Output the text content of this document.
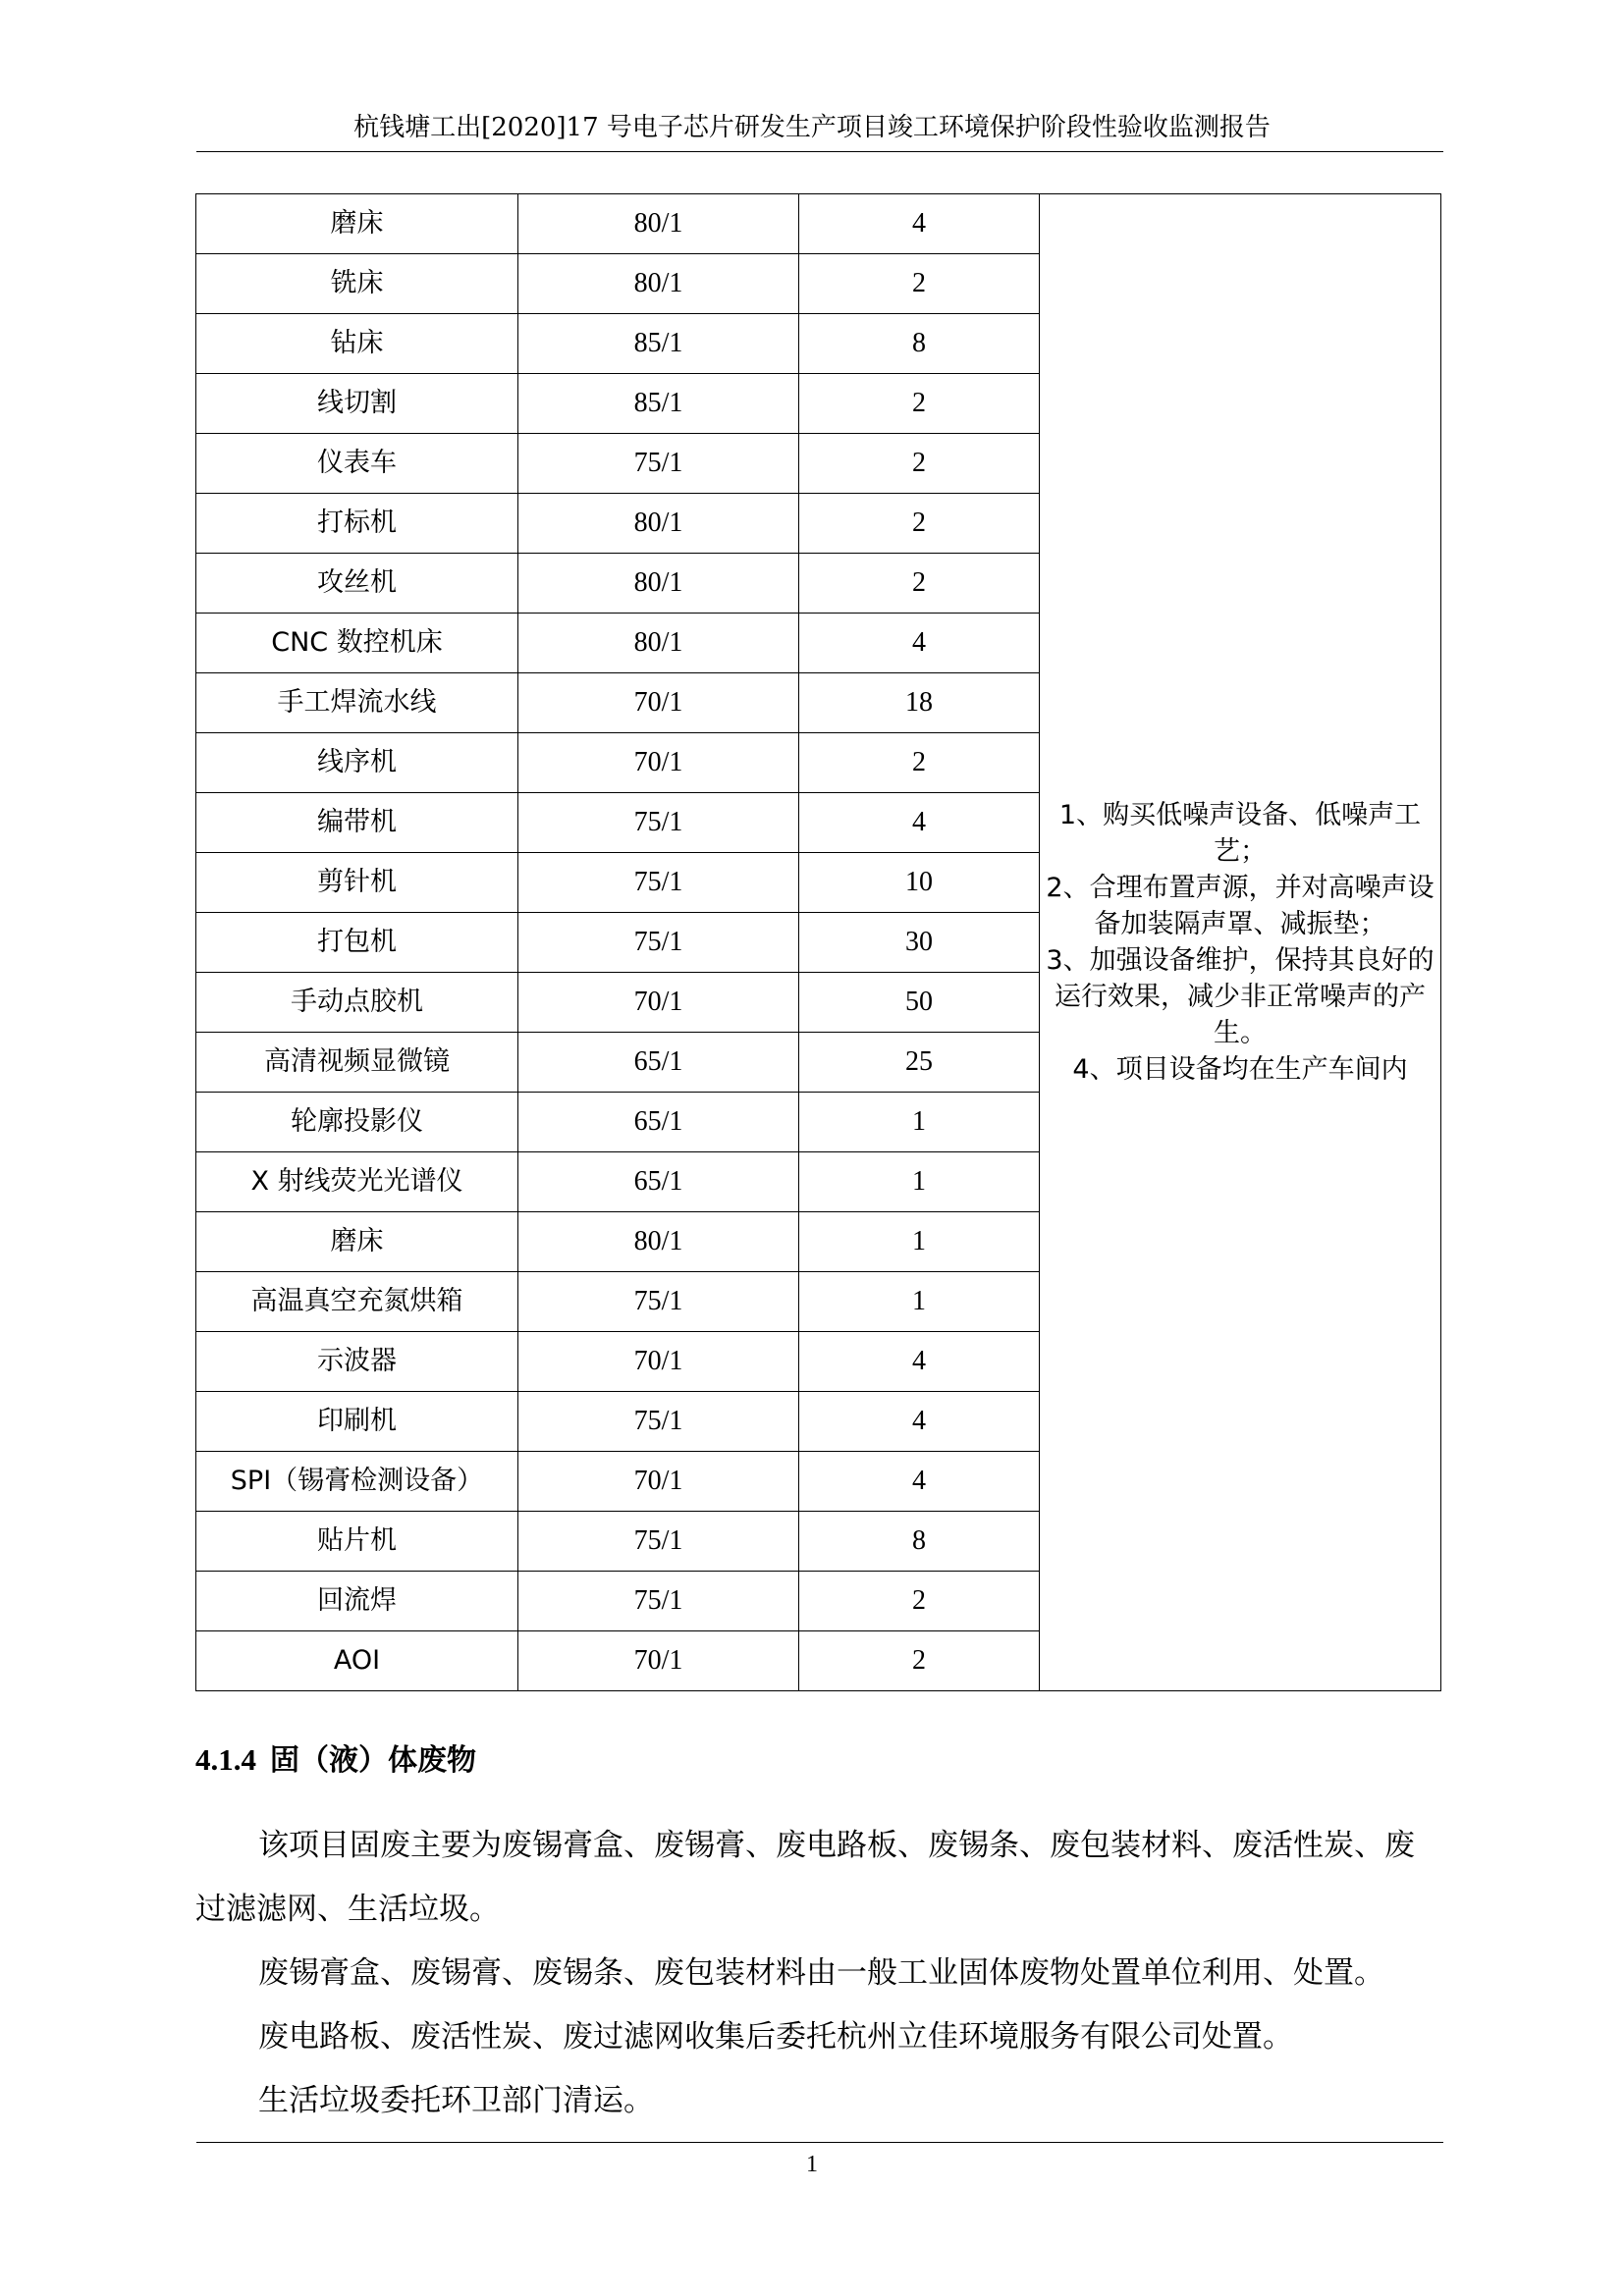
杭钱塘工出[2020]17 号电子芯片研发生产项目竣工环境保护阶段性验收监测报告
磨床	80/1	4	1、购买低噪声设备、低噪声工艺；
2、合理布置声源，并对高噪声设备加装隔声罩、减振垫；
3、加强设备维护，保持其良好的运行效果，减少非正常噪声的产生。
4、项目设备均在生产车间内

铣床	80/1	2	
钻床	85/1	8	
线切割	85/1	2	
仪表车	75/1	2	
打标机	80/1	2	
攻丝机	80/1	2	
CNC 数控机床	80/1	4	
手工焊流水线	70/1	18	
线序机	70/1	2	
编带机	75/1	4	
剪针机	75/1	10	
打包机	75/1	30	
手动点胶机	70/1	50	
高清视频显微镜	65/1	25	
轮廓投影仪	65/1	1	
X 射线荧光光谱仪	65/1	1	
磨床	80/1	1	
高温真空充氮烘箱	75/1	1	
示波器	70/1	4	
印刷机	75/1	4	
SPI（锡膏检测设备）	70/1	4	
贴片机	75/1	8	
回流焊	75/1	2	
AOI	70/1	2	
4.1.4 固（液）体废物

该项目固废主要为废锡膏盒、废锡膏、废电路板、废锡条、废包装材料、废活性炭、废过滤滤网、生活垃圾。

废锡膏盒、废锡膏、废锡条、废包装材料由一般工业固体废物处置单位利用、处置。

废电路板、废活性炭、废过滤网收集后委托杭州立佳环境服务有限公司处置。

生活垃圾委托环卫部门清运。

1
